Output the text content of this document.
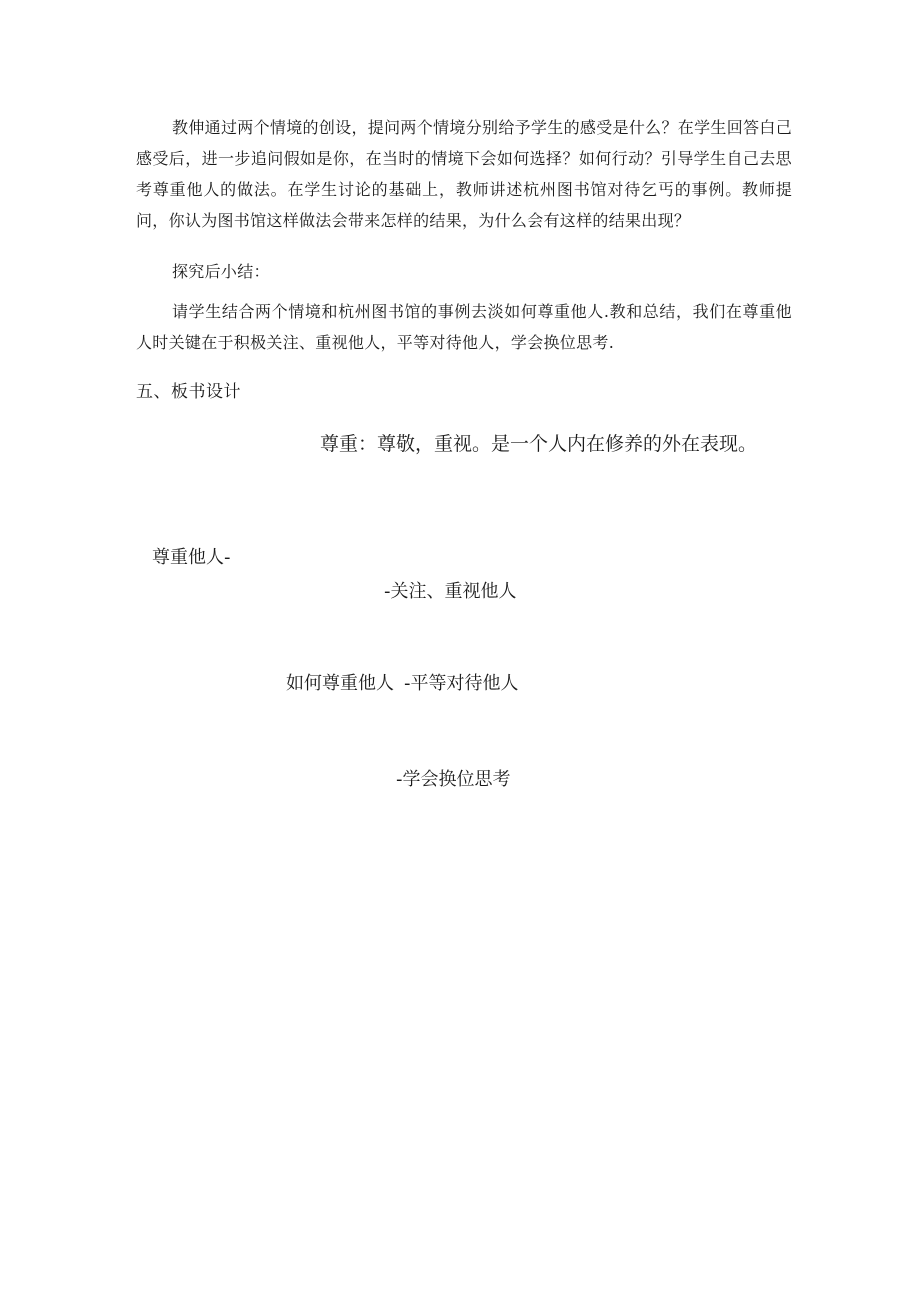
教伸通过两个情境的创设，提问两个情境分别给予学生的感受是什么？在学生回答白己感受后，进一步追问假如是你，在当时的情境下会如何选择？如何行动？引导学生自己去思考尊重他人的做法。在学生讨论的基础上，教师讲述杭州图书馆对待乞丐的事例。教师提问，你认为图书馆这样做法会带来怎样的结果，为什么会有这样的结果出现？

探究后小结：

请学生结合两个情境和杭州图书馆的事例去淡如何尊重他人.教和总结，我们在尊重他人时关键在于积极关注、重视他人，平等对待他人，学会换位思考.

五、板书设计

尊重：尊敬，重视。是一个人内在修养的外在表现。

尊重他人-

-关注、重视他人

如何尊重他人 -平等对待他人

-学会换位思考
